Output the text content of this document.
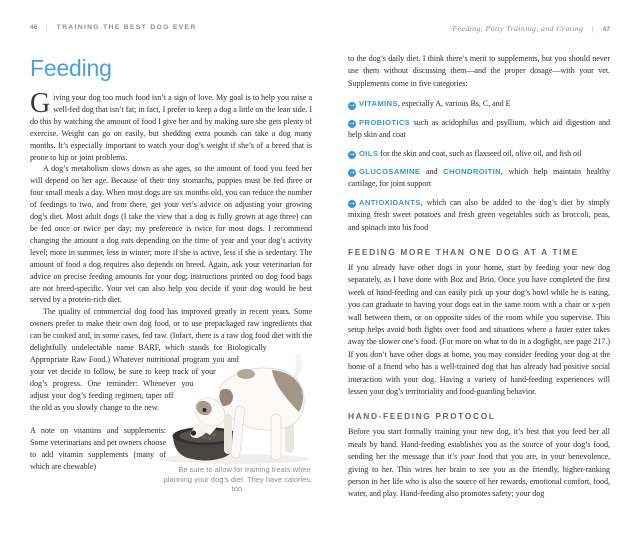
46 | TRAINING THE BEST DOG EVER
Feeding

Giving your dog too much food isn’t a sign of love. My goal is to help you raise a well-fed dog that isn’t fat; in fact, I prefer to keep a dog a little on the lean side. I do this by watching the amount of food I give her and by making sure she gets plenty of exercise. Weight can go on easily, but shedding extra pounds can take a dog many months. It’s especially important to watch your dog’s weight if she’s of a breed that is prone to hip or joint problems.

A dog’s metabolism slows down as she ages, so the amount of food you feed her will depend on her age. Because of their tiny stomachs, puppies must be fed three or four small meals a day. When most dogs are six months old, you can reduce the number of feedings to two, and from there, get your vet’s advice on adjusting your growing dog’s diet. Most adult dogs (I take the view that a dog is fully grown at age three) can be fed once or twice per day; my preference is twice for most dogs. I recommend changing the amount a dog eats depending on the time of year and your dog’s activity level; more in summer, less in winter; more if she is active, less if she is sedentary. The amount of food a dog requires also depends on breed. Again, ask your veterinarian for advice on precise feeding amounts for your dog; instructions printed on dog food bags are not breed-specific. Your vet can also help you decide if your dog would be best served by a protein-rich diet.

The quality of commercial dog food has improved greatly in recent years. Some owners prefer to make their own dog food, or to use prepackaged raw ingredients that can be cooked and, in some cases, fed raw. (In
Be sure to allow for training treats when planning your dog’s diet. They have calories, too.
fact, there is a raw dog food diet with the delightfully undelectable name BARF, which stands for Biologically Appropriate Raw Food.) Whatever nutritional program you and your vet decide to follow, be sure to keep track of your dog’s progress. One reminder: Whenever you adjust your dog’s feeding regimen, taper off the old as you slowly change to the new.

A note on vitamins and supplements: Some veterinarians and pet owners choose to add vitamin supplements (many of which are chewable)

Feeding, Potty Training, and Crating | 47

to the dog’s daily diet. I think there’s merit to supplements, but you should never use them without discussing them—and the proper dosage—with your vet. Supplements come in five categories:

→ VITAMINS, especially A, various Bs, C, and E

→ PROBIOTICS such as acidophilus and psyllium, which aid digestion and help skin and coat

→ OILS for the skin and coat, such as flaxseed oil, olive oil, and fish oil

→ GLUCOSAMINE and CHONDROITIN, which help maintain healthy cartilage, for joint support

→ ANTIOXIDANTS, which can also be added to the dog’s diet by simply mixing fresh sweet potatoes and fresh green vegetables such as broccoli, peas, and spinach into his food

FEEDING MORE THAN ONE DOG AT A TIME

If you already have other dogs in your home, start by feeding your new dog separately, as I have done with Boz and Brio. Once you have completed the first week of hand-feeding and can easily pick up your dog’s bowl while he is eating, you can graduate to having your dogs eat in the same room with a chair or x-pen wall between them, or on opposite sides of the room while you supervise. This setup helps avoid both fights over food and situations where a faster eater takes away the slower one’s food. (For more on what to do in a dogfight, see page 217.) If you don’t have other dogs at home, you may consider feeding your dog at the home of a friend who has a well-trained dog that has already had positive social interaction with your dog. Having a variety of hand-feeding experiences will lessen your dog’s territoriality and food-guarding behavior.

HAND-FEEDING PROTOCOL

Before you start formally training your new dog, it’s best that you feed her all meals by hand. Hand-feeding establishes you as the source of your dog’s food, sending her the message that it’s your food that you are, in your benevolence, giving to her. This wires her brain to see you as the friendly, higher-ranking person in her life who is also the source of her rewards, emotional comfort, food, water, and play. Hand-feeding also promotes safety; your dog
